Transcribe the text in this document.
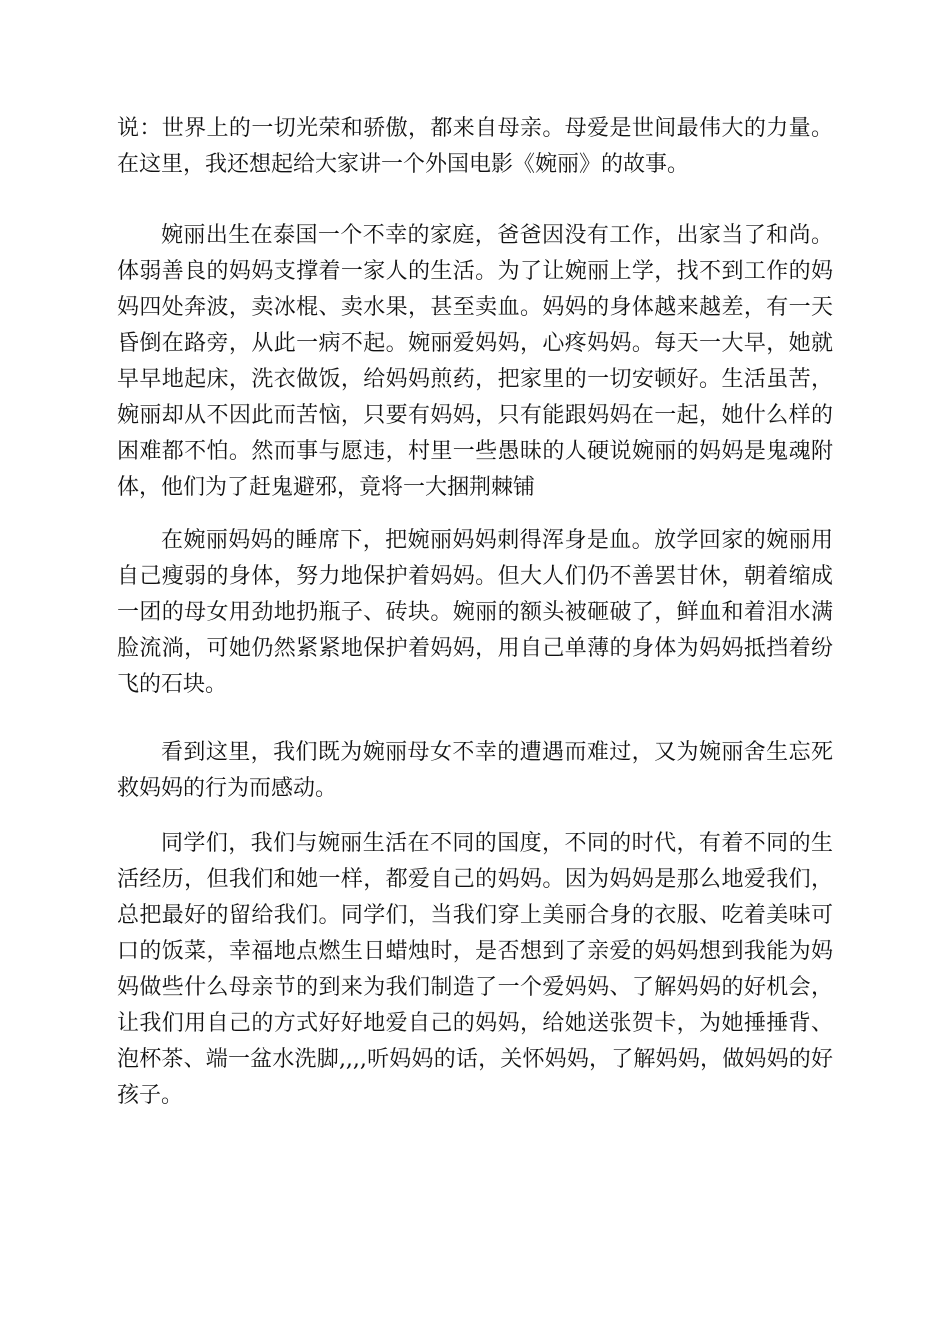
说：世界上的一切光荣和骄傲，都来自母亲。母爱是世间最伟大的力量。在这里，我还想起给大家讲一个外国电影《婉丽》的故事。

婉丽出生在泰国一个不幸的家庭，爸爸因没有工作，出家当了和尚。体弱善良的妈妈支撑着一家人的生活。为了让婉丽上学，找不到工作的妈妈四处奔波，卖冰棍、卖水果，甚至卖血。妈妈的身体越来越差，有一天昏倒在路旁，从此一病不起。婉丽爱妈妈，心疼妈妈。每天一大早，她就早早地起床，洗衣做饭，给妈妈煎药，把家里的一切安顿好。生活虽苦，婉丽却从不因此而苦恼，只要有妈妈，只有能跟妈妈在一起，她什么样的困难都不怕。然而事与愿违，村里一些愚昧的人硬说婉丽的妈妈是鬼魂附体，他们为了赶鬼避邪，竟将一大捆荆棘铺

在婉丽妈妈的睡席下，把婉丽妈妈刺得浑身是血。放学回家的婉丽用自己瘦弱的身体，努力地保护着妈妈。但大人们仍不善罢甘休，朝着缩成一团的母女用劲地扔瓶子、砖块。婉丽的额头被砸破了，鲜血和着泪水满脸流淌，可她仍然紧紧地保护着妈妈，用自己单薄的身体为妈妈抵挡着纷飞的石块。

看到这里，我们既为婉丽母女不幸的遭遇而难过，又为婉丽舍生忘死救妈妈的行为而感动。

同学们，我们与婉丽生活在不同的国度，不同的时代，有着不同的生活经历，但我们和她一样，都爱自己的妈妈。因为妈妈是那么地爱我们，总把最好的留给我们。同学们，当我们穿上美丽合身的衣服、吃着美味可口的饭菜，幸福地点燃生日蜡烛时，是否想到了亲爱的妈妈想到我能为妈妈做些什么母亲节的到来为我们制造了一个爱妈妈、了解妈妈的好机会，让我们用自己的方式好好地爱自己的妈妈，给她送张贺卡，为她捶捶背、泡杯茶、端一盆水洗脚,,,,听妈妈的话，关怀妈妈，了解妈妈，做妈妈的好孩子。
